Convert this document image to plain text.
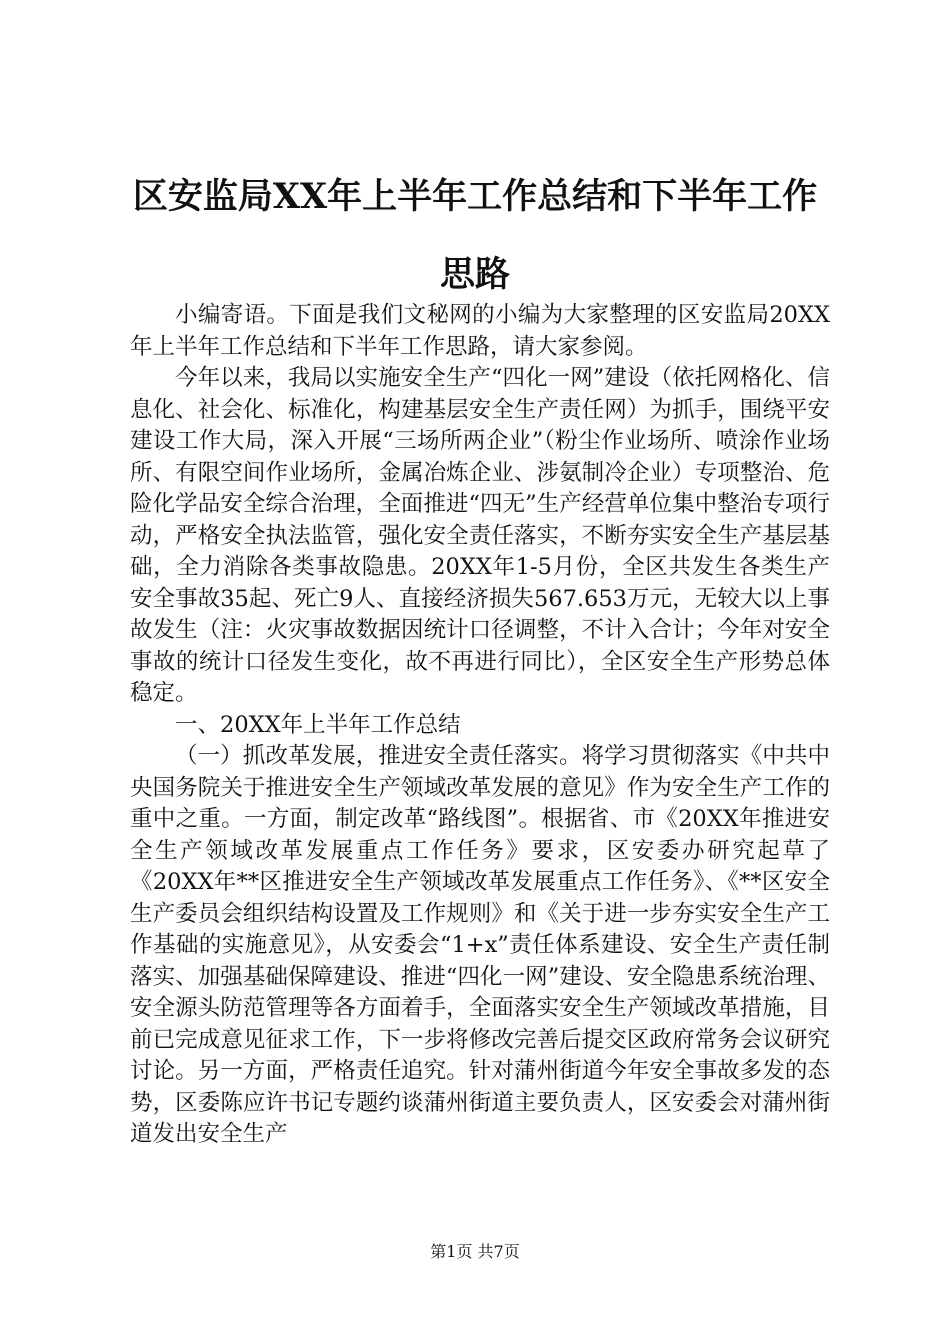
区安监局XX年上半年工作总结和下半年工作

思路

小编寄语。下面是我们文秘网的小编为大家整理的区安监局20XX年上半年工作总结和下半年工作思路，请大家参阅。

今年以来，我局以实施安全生产“四化一网”建设（依托网格化、信息化、社会化、标准化，构建基层安全生产责任网）为抓手，围绕平安建设工作大局，深入开展“三场所两企业”（粉尘作业场所、喷涂作业场所、有限空间作业场所，金属冶炼企业、涉氨制冷企业）专项整治、危险化学品安全综合治理，全面推进“四无”生产经营单位集中整治专项行动，严格安全执法监管，强化安全责任落实，不断夯实安全生产基层基础，全力消除各类事故隐患。20XX年1-5月份，全区共发生各类生产安全事故35起、死亡9人、直接经济损失567.653万元，无较大以上事故发生（注：火灾事故数据因统计口径调整，不计入合计；今年对安全事故的统计口径发生变化，故不再进行同比），全区安全生产形势总体稳定。

一、20XX年上半年工作总结

（一）抓改革发展，推进安全责任落实。将学习贯彻落实《中共中央国务院关于推进安全生产领域改革发展的意见》作为安全生产工作的重中之重。一方面，制定改革“路线图”。根据省、市《20XX年推进安全生产领域改革发展重点工作任务》要求，区安委办研究起草了《20XX年**区推进安全生产领域改革发展重点工作任务》、《**区安全生产委员会组织结构设置及工作规则》和《关于进一步夯实安全生产工作基础的实施意见》，从安委会“1+x”责任体系建设、安全生产责任制落实、加强基础保障建设、推进“四化一网”建设、安全隐患系统治理、安全源头防范管理等各方面着手，全面落实安全生产领域改革措施，目前已完成意见征求工作，下一步将修改完善后提交区政府常务会议研究讨论。另一方面，严格责任追究。针对蒲州街道今年安全事故多发的态势，区委陈应许书记专题约谈蒲州街道主要负责人，区安委会对蒲州街道发出安全生产

第1页 共7页
